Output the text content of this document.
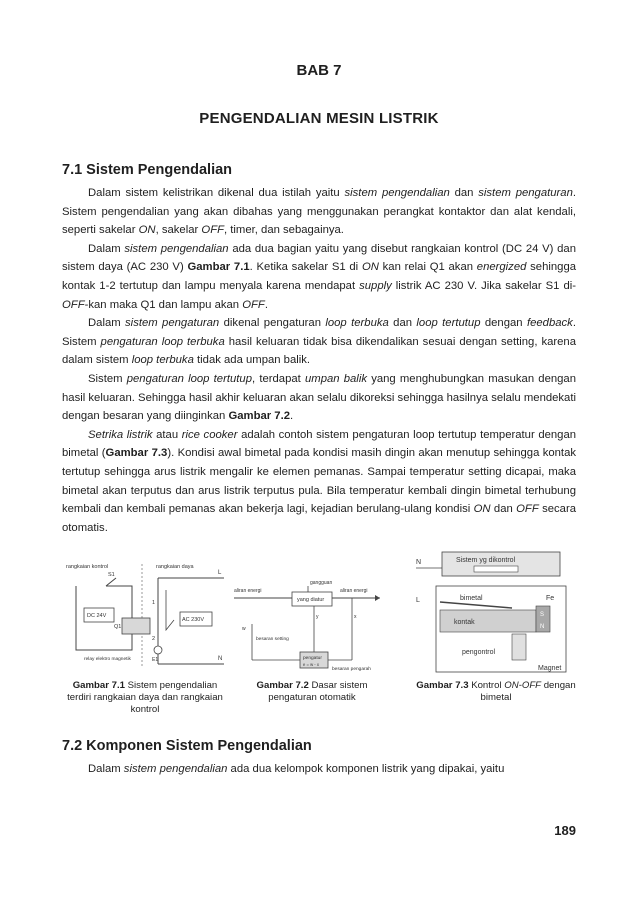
BAB 7
PENGENDALIAN MESIN LISTRIK
7.1 Sistem Pengendalian

Dalam sistem kelistrikan dikenal dua istilah yaitu sistem pengendalian dan sistem pengaturan. Sistem pengendalian yang akan dibahas yang menggunakan perangkat kontaktor dan alat kendali, seperti sakelar ON, sakelar OFF, timer, dan sebagainya.

Dalam sistem pengendalian ada dua bagian yaitu yang disebut rangkaian kontrol (DC 24 V) dan sistem daya (AC 230 V) Gambar 7.1. Ketika sakelar S1 di ON kan relai Q1 akan energized sehingga kontak 1-2 tertutup dan lampu menyala karena mendapat supply listrik AC 230 V. Jika sakelar S1 di-OFF-kan maka Q1 dan lampu akan OFF.

Dalam sistem pengaturan dikenal pengaturan loop terbuka dan loop tertutup dengan feedback. Sistem pengaturan loop terbuka hasil keluaran tidak bisa dikendalikan sesuai dengan setting, karena dalam sistem loop terbuka tidak ada umpan balik.

Sistem pengaturan loop tertutup, terdapat umpan balik yang menghubungkan masukan dengan hasil keluaran. Sehingga hasil akhir keluaran akan selalu dikoreksi sehingga hasilnya selalu mendekati dengan besaran yang diinginkan Gambar 7.2.

Setrika listrik atau rice cooker adalah contoh sistem pengaturan loop tertutup temperatur dengan bimetal (Gambar 7.3). Kondisi awal bimetal pada kondisi masih dingin akan menutup sehingga kontak tertutup sehingga arus listrik mengalir ke elemen pemanas. Sampai temperatur setting dicapai, maka bimetal akan terputus dan arus listrik terputus pula. Bila temperatur kembali dingin bimetal terhubung kembali dan kembali pemanas akan bekerja lagi, kejadian berulang-ulang kondisi ON dan OFF secara otomatis.

rangkaian kontrol	rangkaian daya
S1
DC 24V
Q1
relay elektro magnetik
L
N
1
2
E1
AC 230V
aliran energi	aliran energi
gangguan
yang diatur
x
w
besaran setting
pengatur
e = w - x
y
besaran pengarah
Sistem yg dikontrol
N
L	bimetal
kontak
Fe
S
N
pengontrol
Magnet
Gambar 7.1 Sistem pengendalian terdiri rangkaian daya dan rangkaian kontrol
Gambar 7.2 Dasar sistem pengaturan otomatik
Gambar 7.3 Kontrol ON-OFF dengan bimetal
7.2 Komponen Sistem Pengendalian

Dalam sistem pengendalian ada dua kelompok komponen listrik yang dipakai, yaitu

189
